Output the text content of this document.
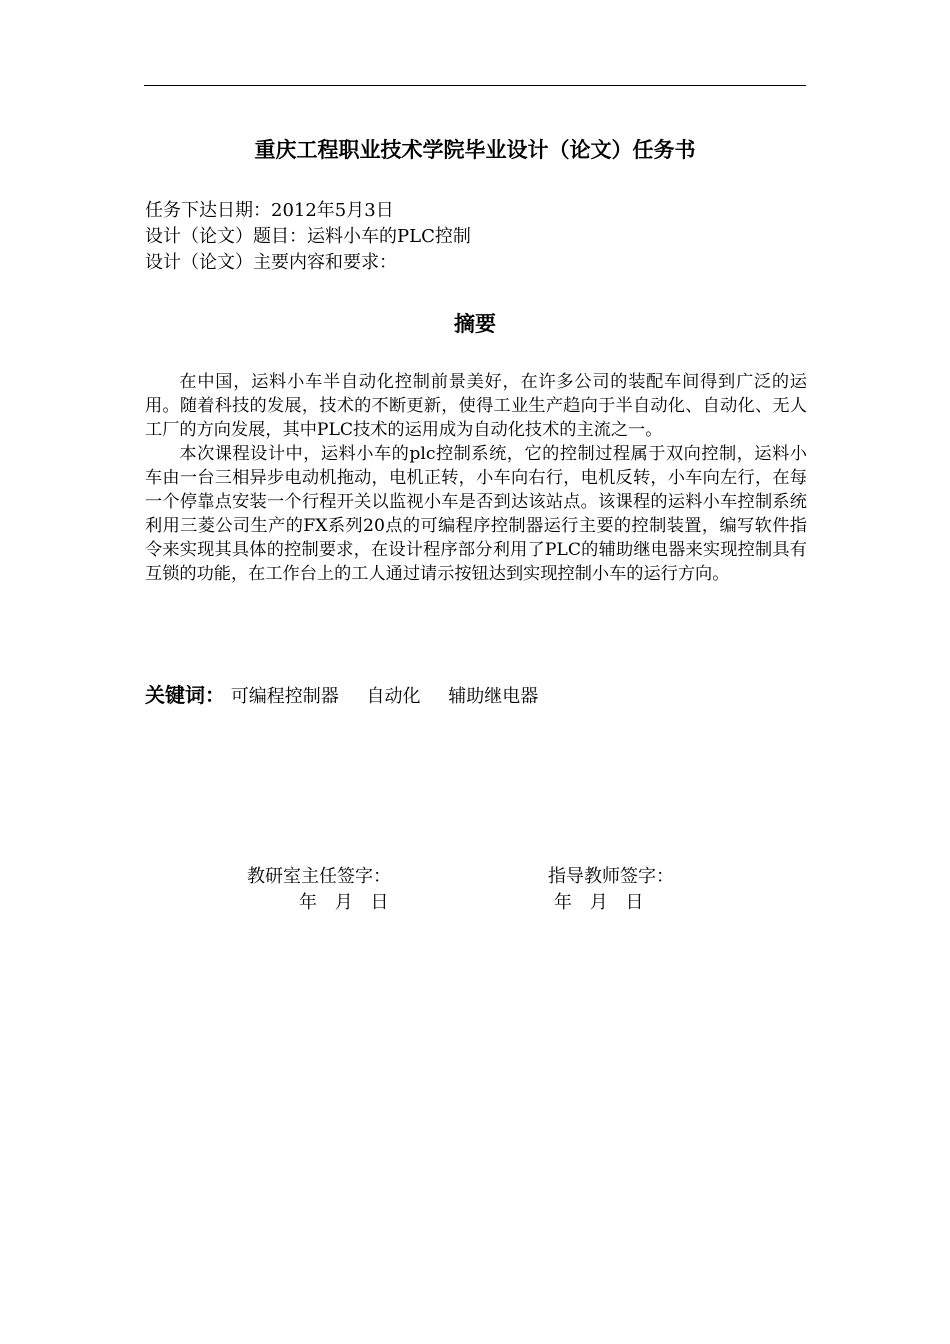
重庆工程职业技术学院毕业设计（论文）任务书
任务下达日期：2012年5月3日
设计（论文）题目：运料小车的PLC控制
设计（论文）主要内容和要求：
摘要

在中国，运料小车半自动化控制前景美好，在许多公司的装配车间得到广泛的运用。随着科技的发展，技术的不断更新，使得工业生产趋向于半自动化、自动化、无人工厂的方向发展，其中PLC技术的运用成为自动化技术的主流之一。

本次课程设计中，运料小车的plc控制系统，它的控制过程属于双向控制，运料小车由一台三相异步电动机拖动，电机正转，小车向右行，电机反转，小车向左行，在每一个停靠点安装一个行程开关以监视小车是否到达该站点。该课程的运料小车控制系统利用三菱公司生产的FX系列20点的可编程序控制器运行主要的控制装置，编写软件指令来实现其具体的控制要求，在设计程序部分利用了PLC的辅助继电器来实现控制具有互锁的功能，在工作台上的工人通过请示按钮达到实现控制小车的运行方向。

关键词： 可编程控制器 自动化 辅助继电器
教研室主任签字：
年 月 日
指导教师签字：
年 月 日
